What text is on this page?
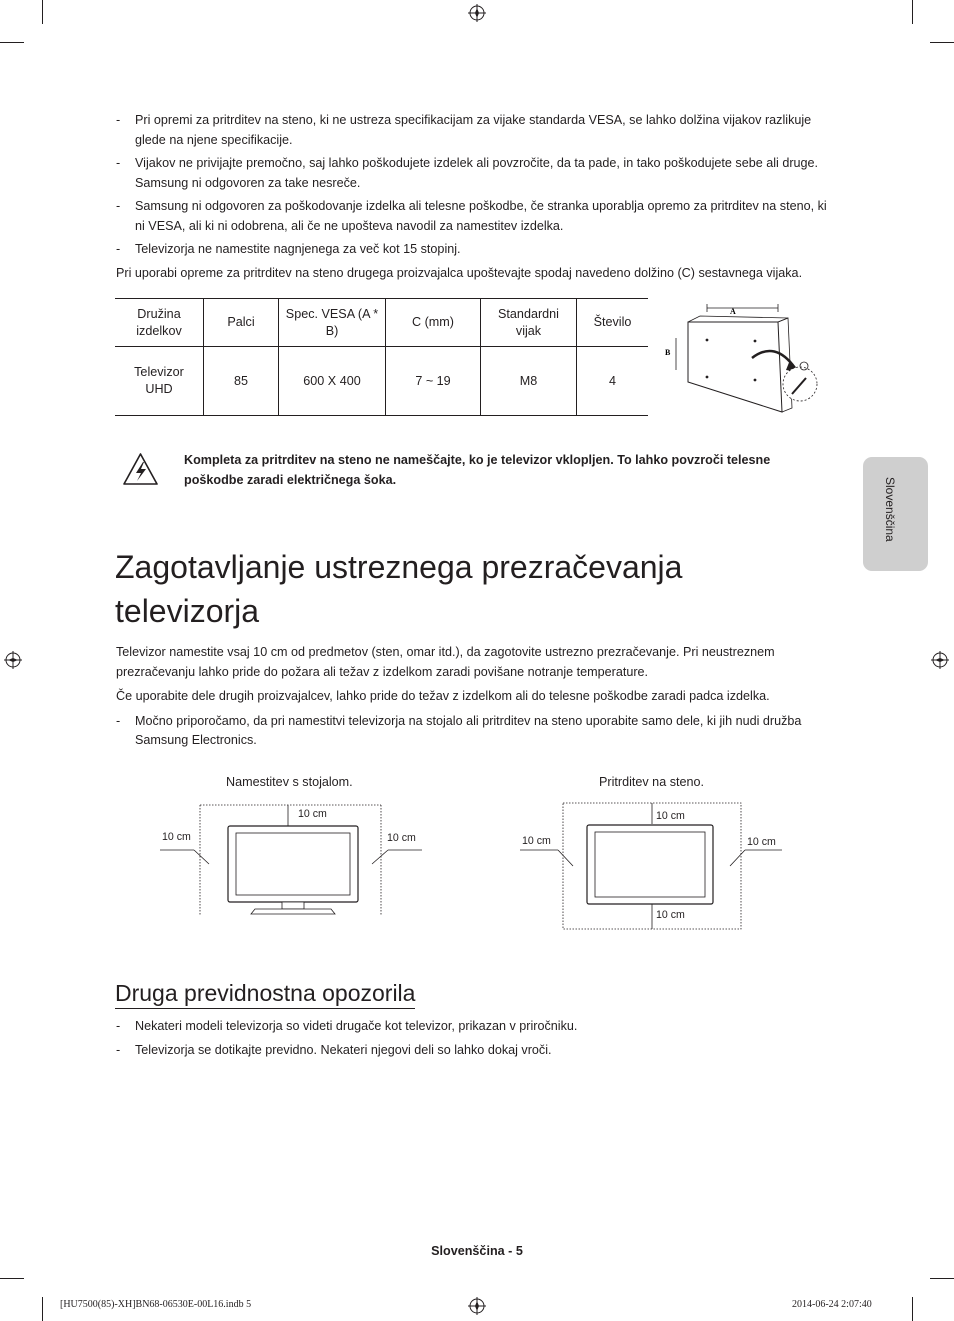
- Pri opremi za pritrditev na steno, ki ne ustreza specifikacijam za vijake standarda VESA, se lahko dolžina vijakov razlikuje glede na njene specifikacije.
- Vijakov ne privijajte premočno, saj lahko poškodujete izdelek ali povzročite, da ta pade, in tako poškodujete sebe ali druge. Samsung ni odgovoren za take nesreče.
- Samsung ni odgovoren za poškodovanje izdelka ali telesne poškodbe, če stranka uporablja opremo za pritrditev na steno, ki ni VESA, ali ki ni odobrena, ali če ne upošteva navodil za namestitev izdelka.
- Televizorja ne namestite nagnjenega za več kot 15 stopinj.
Pri uporabi opreme za pritrditev na steno drugega proizvajalca upoštevajte spodaj navedeno dolžino (C) sestavnega vijaka.
Družina izdelkov	Palci	Spec. VESA (A * B)	C (mm)	Standardni vijak	Število
Televizor UHD	85	600 X 400	7 ~ 19	M8	4
A
B
Kompleta za pritrditev na steno ne nameščajte, ko je televizor vklopljen. To lahko povzroči telesne poškodbe zaradi električnega šoka.	Slovenščina
Zagotavljanje ustreznega prezračevanja televizorja
Televizor namestite vsaj 10 cm od predmetov (sten, omar itd.), da zagotovite ustrezno prezračevanje. Pri neustreznem prezračevanju lahko pride do požara ali težav z izdelkom zaradi povišane notranje temperature.
Če uporabite dele drugih proizvajalcev, lahko pride do težav z izdelkom ali do telesne poškodbe zaradi padca izdelka.
- Močno priporočamo, da pri namestitvi televizorja na stojalo ali pritrditev na steno uporabite samo dele, ki jih nudi družba Samsung Electronics.
Namestitev s stojalom.
10 cm
10 cm	10 cm
Pritrditev na steno.
10 cm
10 cm	10 cm
10 cm
Druga previdnostna opozorila
- Nekateri modeli televizorja so videti drugače kot televizor, prikazan v priročniku.
- Televizorja se dotikajte previdno. Nekateri njegovi deli so lahko dokaj vroči.
Slovenščina - 5
[HU7500(85)-XH]BN68-06530E-00L16.indb 5	2014-06-24 2:07:40
